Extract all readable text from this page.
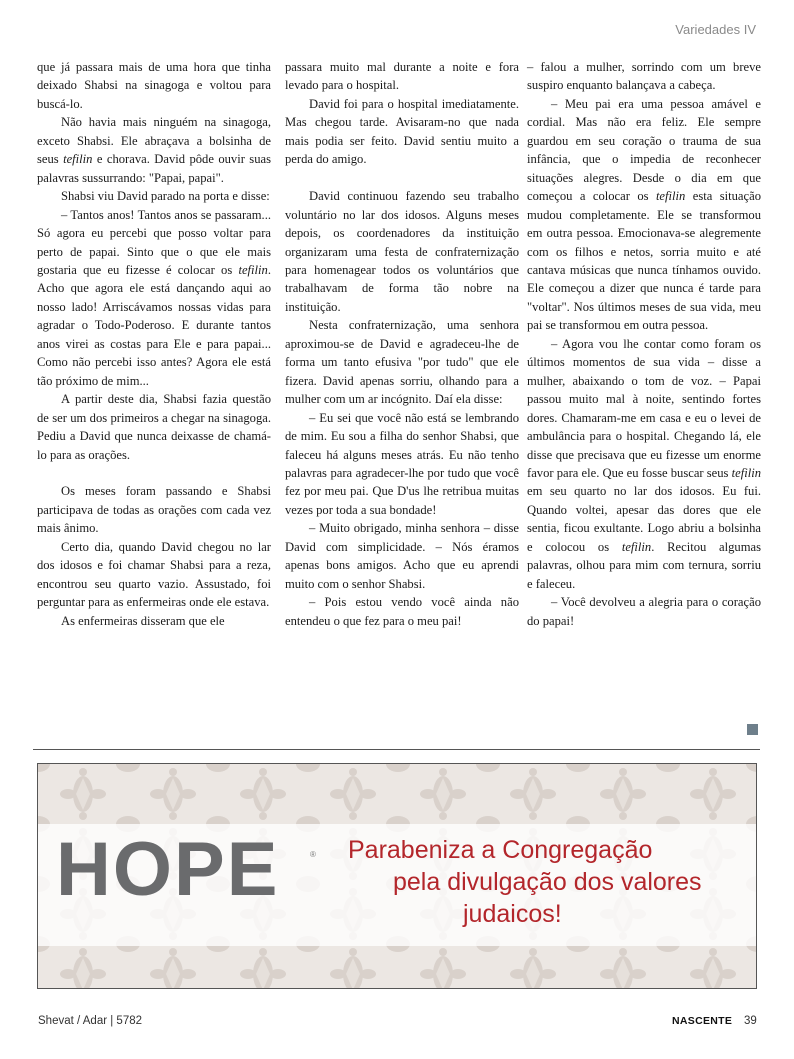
Variedades IV

que já passara mais de uma hora que tinha deixado Shabsi na sinagoga e voltou para buscá-lo.

Não havia mais ninguém na sinagoga, exceto Shabsi. Ele abraçava a bolsinha de seus tefilin e chorava. David pôde ouvir suas palavras sussurrando: "Papai, papai".

Shabsi viu David parado na porta e disse:

– Tantos anos! Tantos anos se passaram... Só agora eu percebi que posso voltar para perto de papai. Sinto que o que ele mais gostaria que eu fizesse é colocar os tefilin. Acho que agora ele está dançando aqui ao nosso lado! Arriscávamos nossas vidas para agradar o Todo-Poderoso. E durante tantos anos virei as costas para Ele e para papai... Como não percebi isso antes? Agora ele está tão próximo de mim...

A partir deste dia, Shabsi fazia questão de ser um dos primeiros a chegar na sinagoga. Pediu a David que nunca deixasse de chamá-lo para as orações.

Os meses foram passando e Shabsi participava de todas as orações com cada vez mais ânimo.

Certo dia, quando David chegou no lar dos idosos e foi chamar Shabsi para a reza, encontrou seu quarto vazio. Assustado, foi perguntar para as enfermeiras onde ele estava.

As enfermeiras disseram que ele

passara muito mal durante a noite e fora levado para o hospital.

David foi para o hospital imediatamente. Mas chegou tarde. Avisaram-no que nada mais podia ser feito. David sentiu muito a perda do amigo.

David continuou fazendo seu trabalho voluntário no lar dos idosos. Alguns meses depois, os coordenadores da instituição organizaram uma festa de confraternização para homenagear todos os voluntários que trabalhavam de forma tão nobre na instituição.

Nesta confraternização, uma senhora aproximou-se de David e agradeceu-lhe de forma um tanto efusiva "por tudo" que ele fizera. David apenas sorriu, olhando para a mulher com um ar incógnito. Daí ela disse:

– Eu sei que você não está se lembrando de mim. Eu sou a filha do senhor Shabsi, que faleceu há alguns meses atrás. Eu não tenho palavras para agradecer-lhe por tudo que você fez por meu pai. Que D'us lhe retribua muitas vezes por toda a sua bondade!

– Muito obrigado, minha senhora – disse David com simplicidade. – Nós éramos apenas bons amigos. Acho que eu aprendi muito com o senhor Shabsi.

– Pois estou vendo você ainda não entendeu o que fez para o meu pai!

– falou a mulher, sorrindo com um breve suspiro enquanto balançava a cabeça.

– Meu pai era uma pessoa amável e cordial. Mas não era feliz. Ele sempre guardou em seu coração o trauma de sua infância, que o impedia de reconhecer situações alegres. Desde o dia em que começou a colocar os tefilin esta situação mudou completamente. Ele se transformou em outra pessoa. Emocionava-se alegremente com os filhos e netos, sorria muito e até cantava músicas que nunca tínhamos ouvido. Ele começou a dizer que nunca é tarde para "voltar". Nos últimos meses de sua vida, meu pai se transformou em outra pessoa.

– Agora vou lhe contar como foram os últimos momentos de sua vida – disse a mulher, abaixando o tom de voz. – Papai passou muito mal à noite, sentindo fortes dores. Chamaram-me em casa e eu o levei de ambulância para o hospital. Chegando lá, ele disse que precisava que eu fizesse um enorme favor para ele. Que eu fosse buscar seus tefilin em seu quarto no lar dos idosos. Eu fui. Quando voltei, apesar das dores que ele sentia, ficou exultante. Logo abriu a bolsinha e colocou os tefilin. Recitou algumas palavras, olhou para mim com ternura, sorriu e faleceu.

– Você devolveu a alegria para o coração do papai!

HOPE	® Parabeniza a Congregação
pela divulgação dos valores
judaicos!
Shevat / Adar | 5782	NASCENTE 39
